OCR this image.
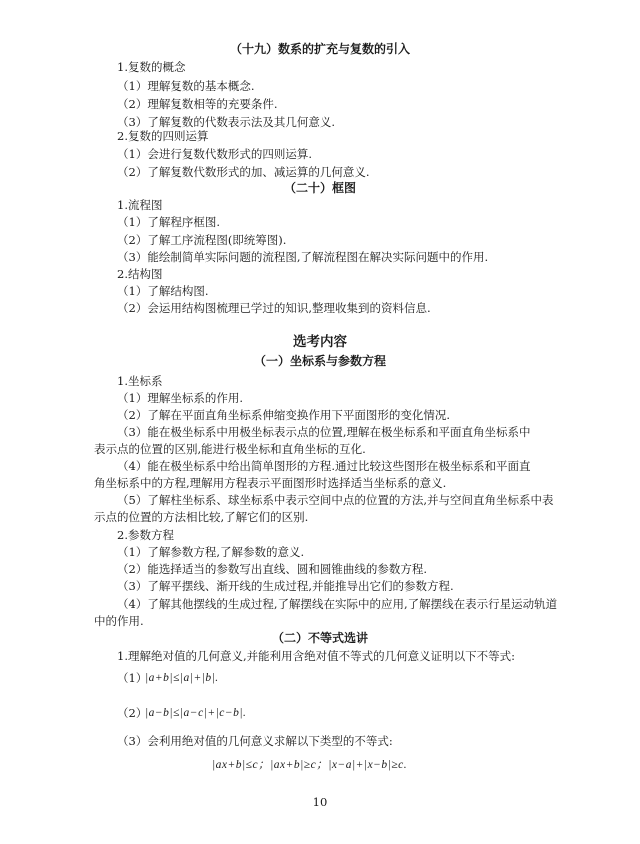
（十九）数系的扩充与复数的引入
1.复数的概念
（1）理解复数的基本概念.
（2）理解复数相等的充要条件.
（3）了解复数的代数表示法及其几何意义.
2.复数的四则运算
（1）会进行复数代数形式的四则运算.
（2）了解复数代数形式的加、减运算的几何意义.
（二十）框图
1.流程图
（1）了解程序框图.
（2）了解工序流程图(即统筹图).
（3）能绘制简单实际问题的流程图,了解流程图在解决实际问题中的作用.
2.结构图
（1）了解结构图.
（2）会运用结构图梳理已学过的知识,整理收集到的资料信息.
选考内容
（一）坐标系与参数方程
1.坐标系
（1）理解坐标系的作用.
（2）了解在平面直角坐标系伸缩变换作用下平面图形的变化情况.
（3）能在极坐标系中用极坐标表示点的位置,理解在极坐标系和平面直角坐标系中
表示点的位置的区别,能进行极坐标和直角坐标的互化.
（4）能在极坐标系中给出简单图形的方程.通过比较这些图形在极坐标系和平面直
角坐标系中的方程,理解用方程表示平面图形时选择适当坐标系的意义.
（5）了解柱坐标系、球坐标系中表示空间中点的位置的方法,并与空间直角坐标系中表
示点的位置的方法相比较,了解它们的区别.
2.参数方程
（1）了解参数方程,了解参数的意义.
（2）能选择适当的参数写出直线、圆和圆锥曲线的参数方程.
（3）了解平摆线、渐开线的生成过程,并能推导出它们的参数方程.
（4）了解其他摆线的生成过程,了解摆线在实际中的应用,了解摆线在表示行星运动轨道
中的作用.
（二）不等式选讲
1.理解绝对值的几何意义,并能利用含绝对值不等式的几何意义证明以下不等式:
（1）
|a+b|≤|a|+|b|.
（2）
|a−b|≤|a−c|+|c−b|.
（3）会利用绝对值的几何意义求解以下类型的不等式:
|ax+b|≤c；|ax+b|≥c；|x−a|+|x−b|≥c.
10
